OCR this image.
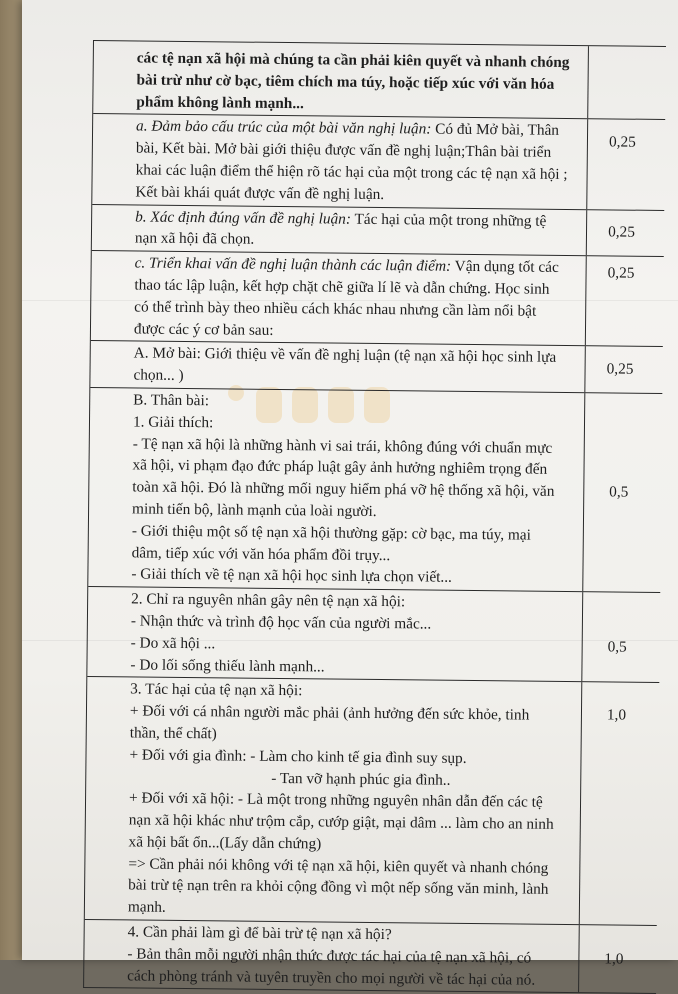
các tệ nạn xã hội mà chúng ta cần phải kiên quyết và nhanh chóng
bài trừ như cờ bạc, tiêm chích ma túy, hoặc tiếp xúc với văn hóa
phẩm không lành mạnh...
a. Đảm bảo cấu trúc của một bài văn nghị luận: Có đủ Mở bài, Thân
bài, Kết bài. Mở bài giới thiệu được vấn đề nghị luận;Thân bài triển
khai các luận điểm thể hiện rõ tác hại của một trong các tệ nạn xã hội ;
Kết bài khái quát được vấn đề nghị luận.
0,25
b. Xác định đúng vấn đề nghị luận: Tác hại của một trong những tệ
nạn xã hội đã chọn.	0,25
c. Triển khai vấn đề nghị luận thành các luận điểm: Vận dụng tốt các
thao tác lập luận, kết hợp chặt chẽ giữa lí lẽ và dẫn chứng. Học sinh
có thể trình bày theo nhiều cách khác nhau nhưng cần làm nổi bật
được các ý cơ bản sau:
0,25
A. Mở bài: Giới thiệu về vấn đề nghị luận (tệ nạn xã hội học sinh lựa
chọn... )	0,25
B. Thân bài:
1. Giải thích:
- Tệ nạn xã hội là những hành vi sai trái, không đúng với chuẩn mực
xã hội, vi phạm đạo đức pháp luật gây ảnh hưởng nghiêm trọng đến
toàn xã hội. Đó là những mối nguy hiểm phá vỡ hệ thống xã hội, văn
minh tiến bộ, lành mạnh của loài người.
- Giới thiệu một số tệ nạn xã hội thường gặp: cờ bạc, ma túy, mại
dâm, tiếp xúc với văn hóa phẩm đồi trụy...
- Giải thích về tệ nạn xã hội học sinh lựa chọn viết...
0,5
2. Chỉ ra nguyên nhân gây nên tệ nạn xã hội:
- Nhận thức và trình độ học vấn của người mắc...
- Do xã hội ...
- Do lối sống thiếu lành mạnh...
0,5
3. Tác hại của tệ nạn xã hội:
+ Đối với cá nhân người mắc phải (ảnh hưởng đến sức khỏe, tinh
thần, thể chất)
+ Đối với gia đình: - Làm cho kinh tế gia đình suy sụp.
- Tan vỡ hạnh phúc gia đình..
+ Đối với xã hội: - Là một trong những nguyên nhân dẫn đến các tệ
nạn xã hội khác như trộm cắp, cướp giật, mại dâm ... làm cho an ninh
xã hội bất ổn...(Lấy dẫn chứng)
=> Cần phải nói không với tệ nạn xã hội, kiên quyết và nhanh chóng
bài trừ tệ nạn trên ra khỏi cộng đồng vì một nếp sống văn minh, lành
mạnh.
1,0
4. Cần phải làm gì để bài trừ tệ nạn xã hội?
- Bản thân mỗi người nhận thức được tác hại của tệ nạn xã hội, có
cách phòng tránh và tuyên truyền cho mọi người về tác hại của nó.
1,0
